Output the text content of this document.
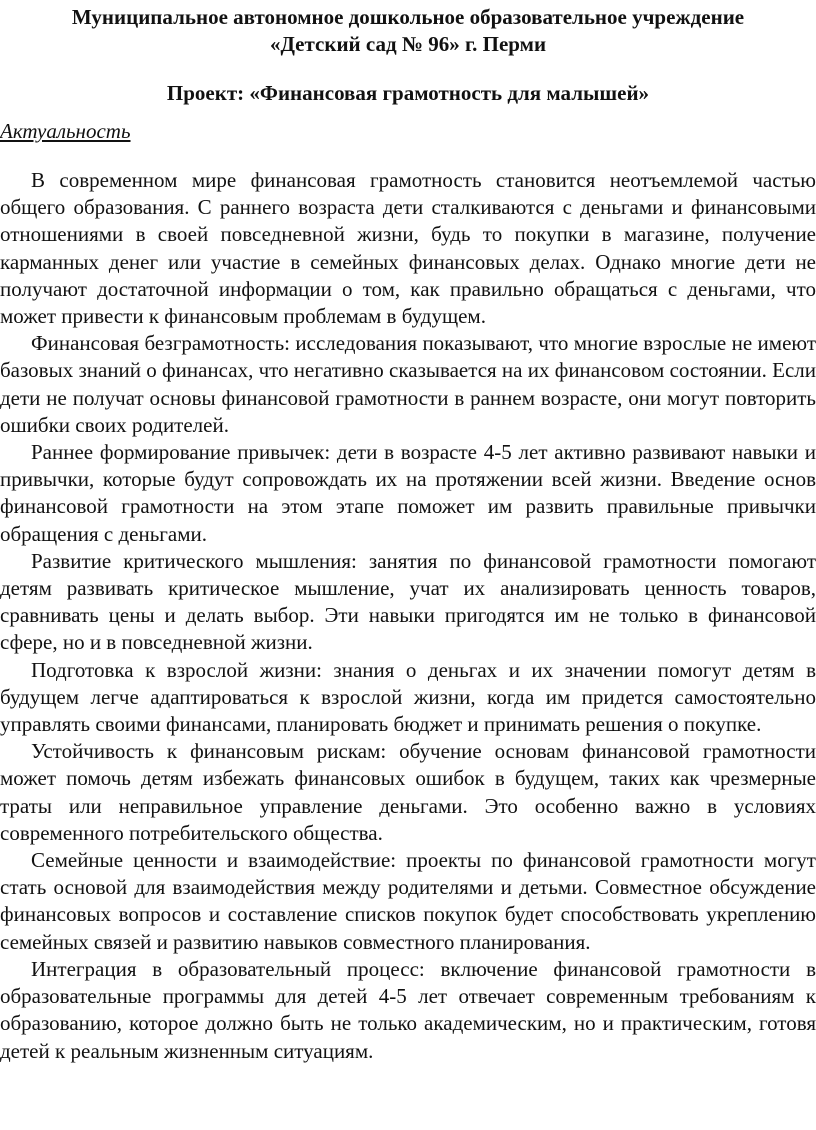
Муниципальное автономное дошкольное образовательное учреждение
«Детский сад № 96» г. Перми

Проект: «Финансовая грамотность для малышей»

Актуальность

В современном мире финансовая грамотность становится неотъемлемой частью общего образования. С раннего возраста дети сталкиваются с деньгами и финансовыми отношениями в своей повседневной жизни, будь то покупки в магазине, получение карманных денег или участие в семейных финансовых делах. Однако многие дети не получают достаточной информации о том, как правильно обращаться с деньгами, что может привести к финансовым проблемам в будущем.

Финансовая безграмотность: исследования показывают, что многие взрослые не имеют базовых знаний о финансах, что негативно сказывается на их финансовом состоянии. Если дети не получат основы финансовой грамотности в раннем возрасте, они могут повторить ошибки своих родителей.

Раннее формирование привычек: дети в возрасте 4-5 лет активно развивают навыки и привычки, которые будут сопровождать их на протяжении всей жизни. Введение основ финансовой грамотности на этом этапе поможет им развить правильные привычки обращения с деньгами.

Развитие критического мышления: занятия по финансовой грамотности помогают детям развивать критическое мышление, учат их анализировать ценность товаров, сравнивать цены и делать выбор. Эти навыки пригодятся им не только в финансовой сфере, но и в повседневной жизни.

Подготовка к взрослой жизни: знания о деньгах и их значении помогут детям в будущем легче адаптироваться к взрослой жизни, когда им придется самостоятельно управлять своими финансами, планировать бюджет и принимать решения о покупке.

Устойчивость к финансовым рискам: обучение основам финансовой грамотности может помочь детям избежать финансовых ошибок в будущем, таких как чрезмерные траты или неправильное управление деньгами. Это особенно важно в условиях современного потребительского общества.

Семейные ценности и взаимодействие: проекты по финансовой грамотности могут стать основой для взаимодействия между родителями и детьми. Совместное обсуждение финансовых вопросов и составление списков покупок будет способствовать укреплению семейных связей и развитию навыков совместного планирования.

Интеграция в образовательный процесс: включение финансовой грамотности в образовательные программы для детей 4-5 лет отвечает современным требованиям к образованию, которое должно быть не только академическим, но и практическим, готовя детей к реальным жизненным ситуациям.
